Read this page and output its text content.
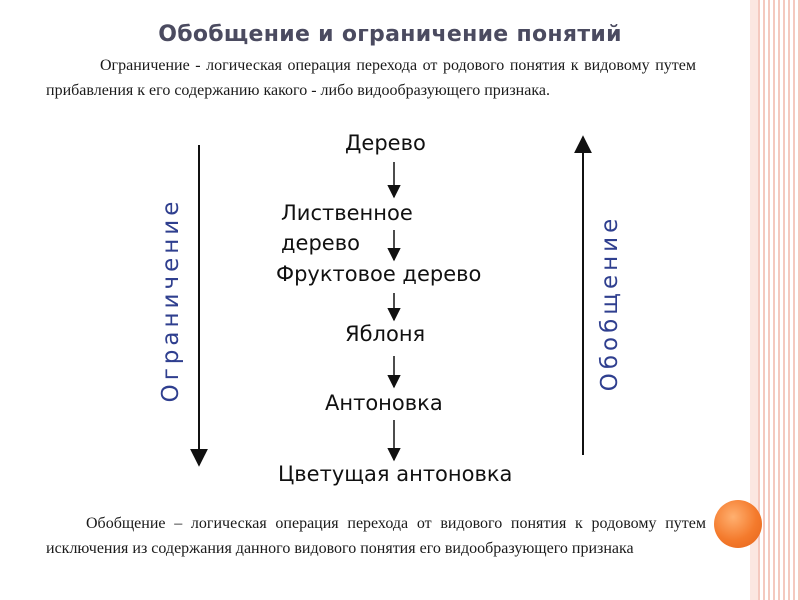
Обобщение и ограничение понятий
Ограничение - логическая операция перехода от родового понятия к видовому путем прибавления к его содержанию какого - либо видообразующего признака.
Ограничение	Обобщение
Дерево
Лиственное дерево
Фруктовое дерево
Яблоня
Антоновка
Цветущая антоновка
Обобщение – логическая операция перехода от видового понятия к родовому путем исключения из содержания данного видового понятия его видообразующего признака
